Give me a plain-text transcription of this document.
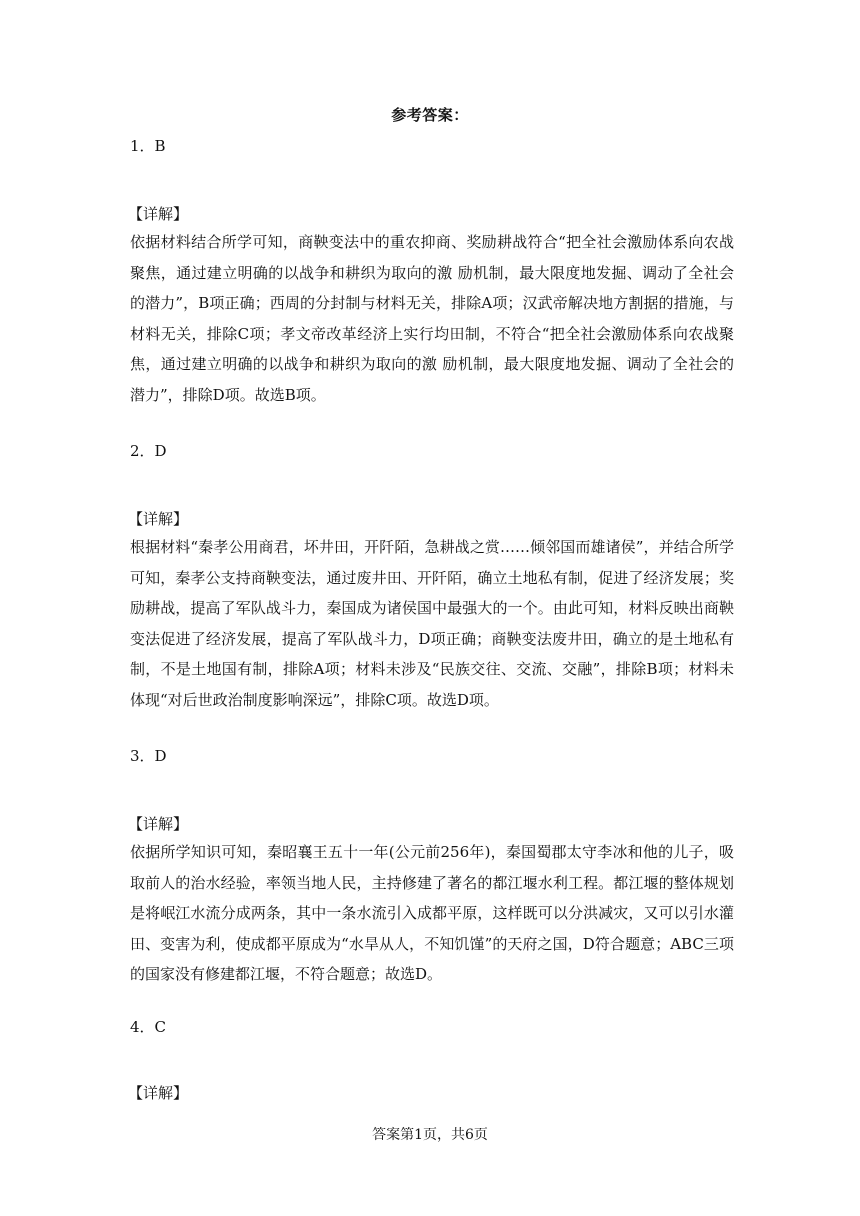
参考答案：
1．B
【详解】
依据材料结合所学可知，商鞅变法中的重农抑商、奖励耕战符合“把全社会激励体系向农战聚焦，通过建立明确的以战争和耕织为取向的激 励机制，最大限度地发掘、调动了全社会的潜力”，B项正确；西周的分封制与材料无关，排除A项；汉武帝解决地方割据的措施，与材料无关，排除C项；孝文帝改革经济上实行均田制，不符合“把全社会激励体系向农战聚焦，通过建立明确的以战争和耕织为取向的激 励机制，最大限度地发掘、调动了全社会的潜力”，排除D项。故选B项。
2．D
【详解】
根据材料“秦孝公用商君，坏井田，开阡陌，急耕战之赏……倾邻国而雄诸侯”，并结合所学可知，秦孝公支持商鞅变法，通过废井田、开阡陌，确立土地私有制，促进了经济发展；奖励耕战，提高了军队战斗力，秦国成为诸侯国中最强大的一个。由此可知，材料反映出商鞅变法促进了经济发展，提高了军队战斗力，D项正确；商鞅变法废井田，确立的是土地私有制，不是土地国有制，排除A项；材料未涉及“民族交往、交流、交融”，排除B项；材料未体现“对后世政治制度影响深远”，排除C项。故选D项。
3．D
【详解】
依据所学知识可知，秦昭襄王五十一年(公元前256年)，秦国蜀郡太守李冰和他的儿子，吸取前人的治水经验，率领当地人民，主持修建了著名的都江堰水利工程。都江堰的整体规划是将岷江水流分成两条，其中一条水流引入成都平原，这样既可以分洪减灾，又可以引水灌田、变害为利，使成都平原成为“水旱从人，不知饥馑”的天府之国，D符合题意；ABC三项的国家没有修建都江堰，不符合题意；故选D。
4．C
【详解】
答案第1页，共6页
